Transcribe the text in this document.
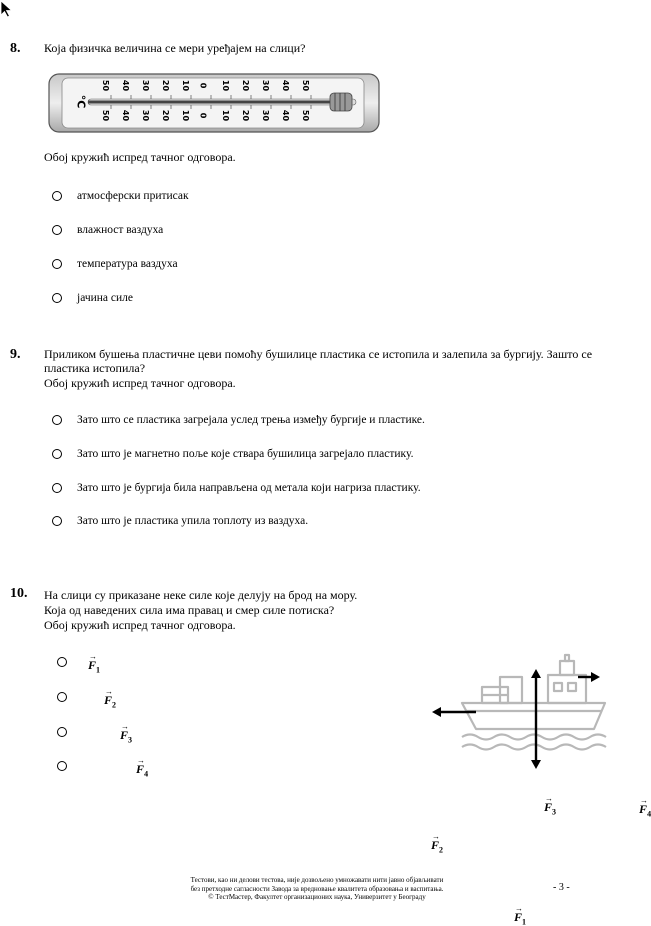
8. Која физичка величина се мери уређајем на слици?
°C
50 40 30 20 10 0 10 20 30 40 50
50 40 30 20 10 0 10 20 30 40 50
Обој кружић испред тачног одговора.
атмосферски притисак
влажност ваздуха
температура ваздуха
јачина силе
9. Приликом бушења пластичне цеви помоћу бушилице пластика се истопила и залепила за бургију. Зашто се
пластика истопила?
Обој кружић испред тачног одговора.
Зато што се пластика загрејала услед трења између бургије и пластике.
Зато што је магнетно поље које ствара бушилица загрејало пластику.
Зато што је бургија била направљена од метала који нагриза пластику.
Зато што је пластика упила топлоту из ваздуха.
10. На слици су приказане неке силе које делују на брод на мору.
Која од наведених сила има правац и смер силе потиска?
Обој кружић испред тачног одговора.
→
$F_1$
→
$F_2$
→
$F_3$
→
$F_4$

→
$F_1$
→
$F_2$
→
$F_3$
→
$F_4$
Тестови, као ни делови тестова, није дозвољено умножавати нити јавно објављивати
без претходне сагласности Завода за вредновање квалитета образовања и васпитања.
© ТестМастер, Факултет организационих наука, Универзитет у Београду
- 3 -
